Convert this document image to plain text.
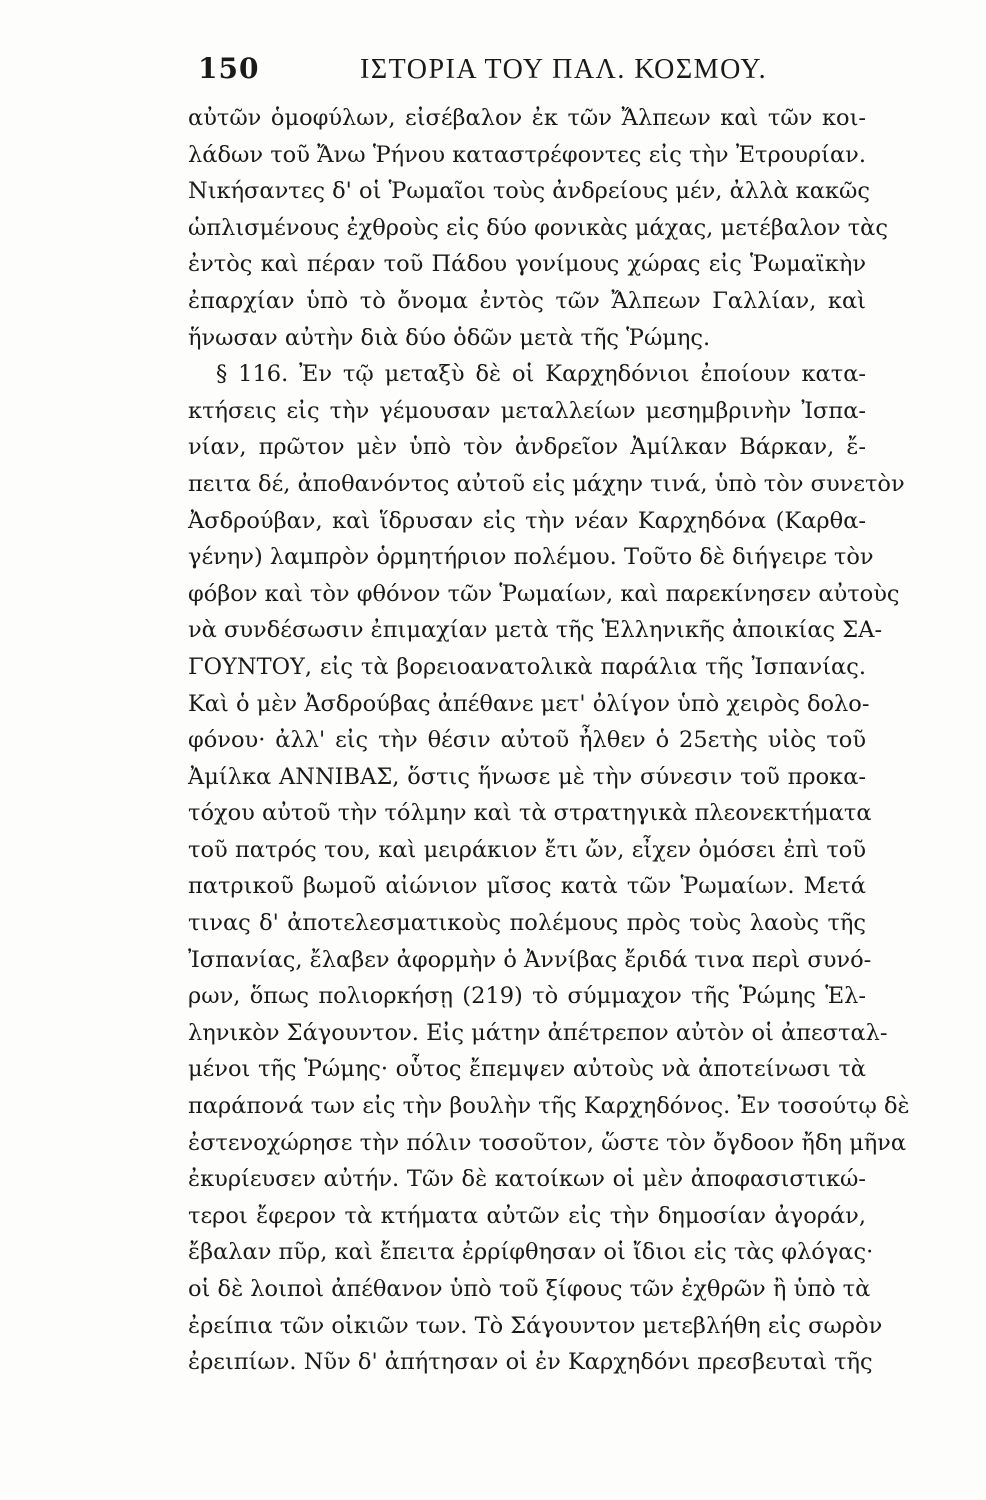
150	ΙΣΤΟΡΙΑ ΤΟΥ ΠΑΛ. ΚΟΣΜΟΥ.
αὐτῶν ὁμοφύλων, εἰσέβαλον ἐκ τῶν Ἄλπεων καὶ τῶν κοι-
λάδων τοῦ Ἄνω Ῥήνου καταστρέφοντες εἰς τὴν Ἐτρουρίαν.
Νικήσαντες δ' οἱ Ῥωμαῖοι τοὺς ἀνδρείους μέν, ἀλλὰ κακῶς
ὡπλισμένους ἐχθροὺς εἰς δύο φονικὰς μάχας, μετέβαλον τὰς
ἐντὸς καὶ πέραν τοῦ Πάδου γονίμους χώρας εἰς Ῥωμαϊκὴν
ἐπαρχίαν ὑπὸ τὸ ὄνομα ἐντὸς τῶν Ἄλπεων Γαλλίαν, καὶ
ἥνωσαν αὐτὴν διὰ δύο ὁδῶν μετὰ τῆς Ῥώμης.
§ 116. Ἐν τῷ μεταξὺ δὲ οἱ Καρχηδόνιοι ἐποίουν κατα-
κτήσεις εἰς τὴν γέμουσαν μεταλλείων μεσημβρινὴν Ἰσπα-
νίαν, πρῶτον μὲν ὑπὸ τὸν ἀνδρεῖον Ἀμίλκαν Βάρκαν, ἔ-
πειτα δέ, ἀποθανόντος αὐτοῦ εἰς μάχην τινά, ὑπὸ τὸν συνετὸν
Ἀσδρούβαν, καὶ ἵδρυσαν εἰς τὴν νέαν Καρχηδόνα (Καρθα-
γένην) λαμπρὸν ὁρμητήριον πολέμου. Τοῦτο δὲ διήγειρε τὸν
φόβον καὶ τὸν φθόνον τῶν Ῥωμαίων, καὶ παρεκίνησεν αὐτοὺς
νὰ συνδέσωσιν ἐπιμαχίαν μετὰ τῆς Ἑλληνικῆς ἀποικίας ΣΑ-
ΓΟΥΝΤΟΥ, εἰς τὰ βορειοανατολικὰ παράλια τῆς Ἰσπανίας.
Καὶ ὁ μὲν Ἀσδρούβας ἀπέθανε μετ' ὀλίγον ὑπὸ χειρὸς δολο-
φόνου· ἀλλ' εἰς τὴν θέσιν αὐτοῦ ἦλθεν ὁ 25ετὴς υἱὸς τοῦ
Ἀμίλκα ΑΝΝΙΒΑΣ, ὅστις ἥνωσε μὲ τὴν σύνεσιν τοῦ προκα-
τόχου αὐτοῦ τὴν τόλμην καὶ τὰ στρατηγικὰ πλεονεκτήματα
τοῦ πατρός του, καὶ μειράκιον ἔτι ὤν, εἶχεν ὀμόσει ἐπὶ τοῦ
πατρικοῦ βωμοῦ αἰώνιον μῖσος κατὰ τῶν Ῥωμαίων. Μετά
τινας δ' ἀποτελεσματικοὺς πολέμους πρὸς τοὺς λαοὺς τῆς
Ἰσπανίας, ἔλαβεν ἀφορμὴν ὁ Ἀννίβας ἔριδά τινα περὶ συνό-
ρων, ὅπως πολιορκήσῃ (219) τὸ σύμμαχον τῆς Ῥώμης Ἑλ-
ληνικὸν Σάγουντον. Εἰς μάτην ἀπέτρεπον αὐτὸν οἱ ἀπεσταλ-
μένοι τῆς Ῥώμης· οὗτος ἔπεμψεν αὐτοὺς νὰ ἀποτείνωσι τὰ
παράπονά των εἰς τὴν βουλὴν τῆς Καρχηδόνος. Ἐν τοσούτῳ δὲ
ἐστενοχώρησε τὴν πόλιν τοσοῦτον, ὥστε τὸν ὄγδοον ἤδη μῆνα
ἐκυρίευσεν αὐτήν. Τῶν δὲ κατοίκων οἱ μὲν ἀποφασιστικώ-
τεροι ἔφερον τὰ κτήματα αὐτῶν εἰς τὴν δημοσίαν ἀγοράν,
ἔβαλαν πῦρ, καὶ ἔπειτα ἐρρίφθησαν οἱ ἴδιοι εἰς τὰς φλόγας·
οἱ δὲ λοιποὶ ἀπέθανον ὑπὸ τοῦ ξίφους τῶν ἐχθρῶν ἢ ὑπὸ τὰ
ἐρείπια τῶν οἰκιῶν των. Τὸ Σάγουντον μετεβλήθη εἰς σωρὸν
ἐρειπίων. Νῦν δ' ἀπήτησαν οἱ ἐν Καρχηδόνι πρεσβευταὶ τῆς
